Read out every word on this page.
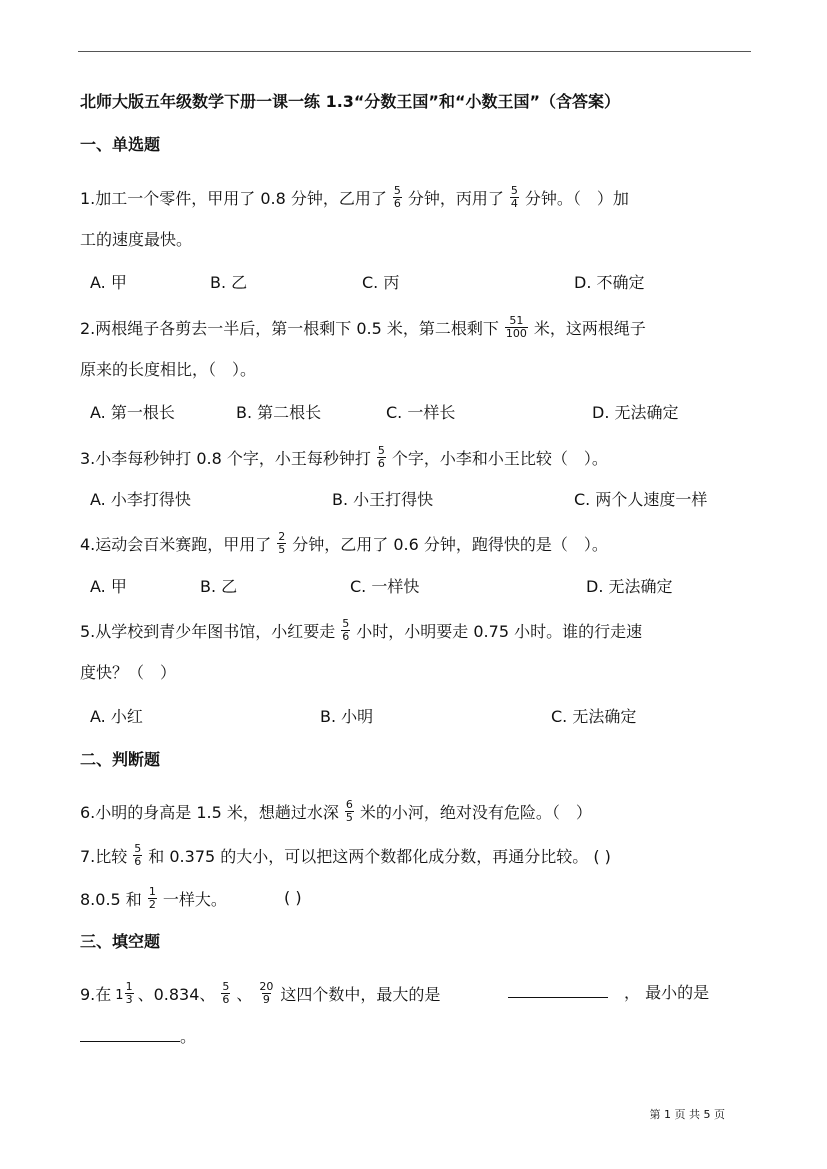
北师大版五年级数学下册一课一练 1.3“分数王国”和“小数王国”（含答案）
一、单选题
1.加工一个零件，甲用了 0.8 分钟，乙用了 $\frac{5}{6}$ 分钟，丙用了 $\frac{5}{4}$ 分钟。（　）加
工的速度最快。
A. 甲	B. 乙	C. 丙	D. 不确定
2.两根绳子各剪去一半后，第一根剩下 0.5 米，第二根剩下 $\frac{51}{100}$ 米，这两根绳子
原来的长度相比，（　）。
A. 第一根长	B. 第二根长	C. 一样长	D. 无法确定
3.小李每秒钟打 0.8 个字，小王每秒钟打 $\frac{5}{6}$ 个字，小李和小王比较（　）。
A. 小李打得快	B. 小王打得快	C. 两个人速度一样
4.运动会百米赛跑，甲用了 $\frac{2}{5}$ 分钟，乙用了 0.6 分钟，跑得快的是（　）。
A. 甲	B. 乙	C. 一样快	D. 无法确定
5.从学校到青少年图书馆，小红要走 $\frac{5}{6}$ 小时，小明要走 0.75 小时。谁的行走速
度快？（　）
A. 小红	B. 小明	C. 无法确定
二、判断题
6.小明的身高是 1.5 米，想趟过水深 $\frac{6}{5}$ 米的小河，绝对没有危险。（　）
7.比较 $\frac{5}{6}$ 和 0.375 的大小，可以把这两个数都化成分数，再通分比较。 ( )
8.0.5 和 $\frac{1}{2}$ 一样大。	( )
三、填空题
9.在 $1 \frac{1}{3}$ 、0.834、 $\frac{5}{6}$ 、 $\frac{20}{9}$ 这四个数中，最大的是	， 最小的是
。
第 1 页 共 5 页
